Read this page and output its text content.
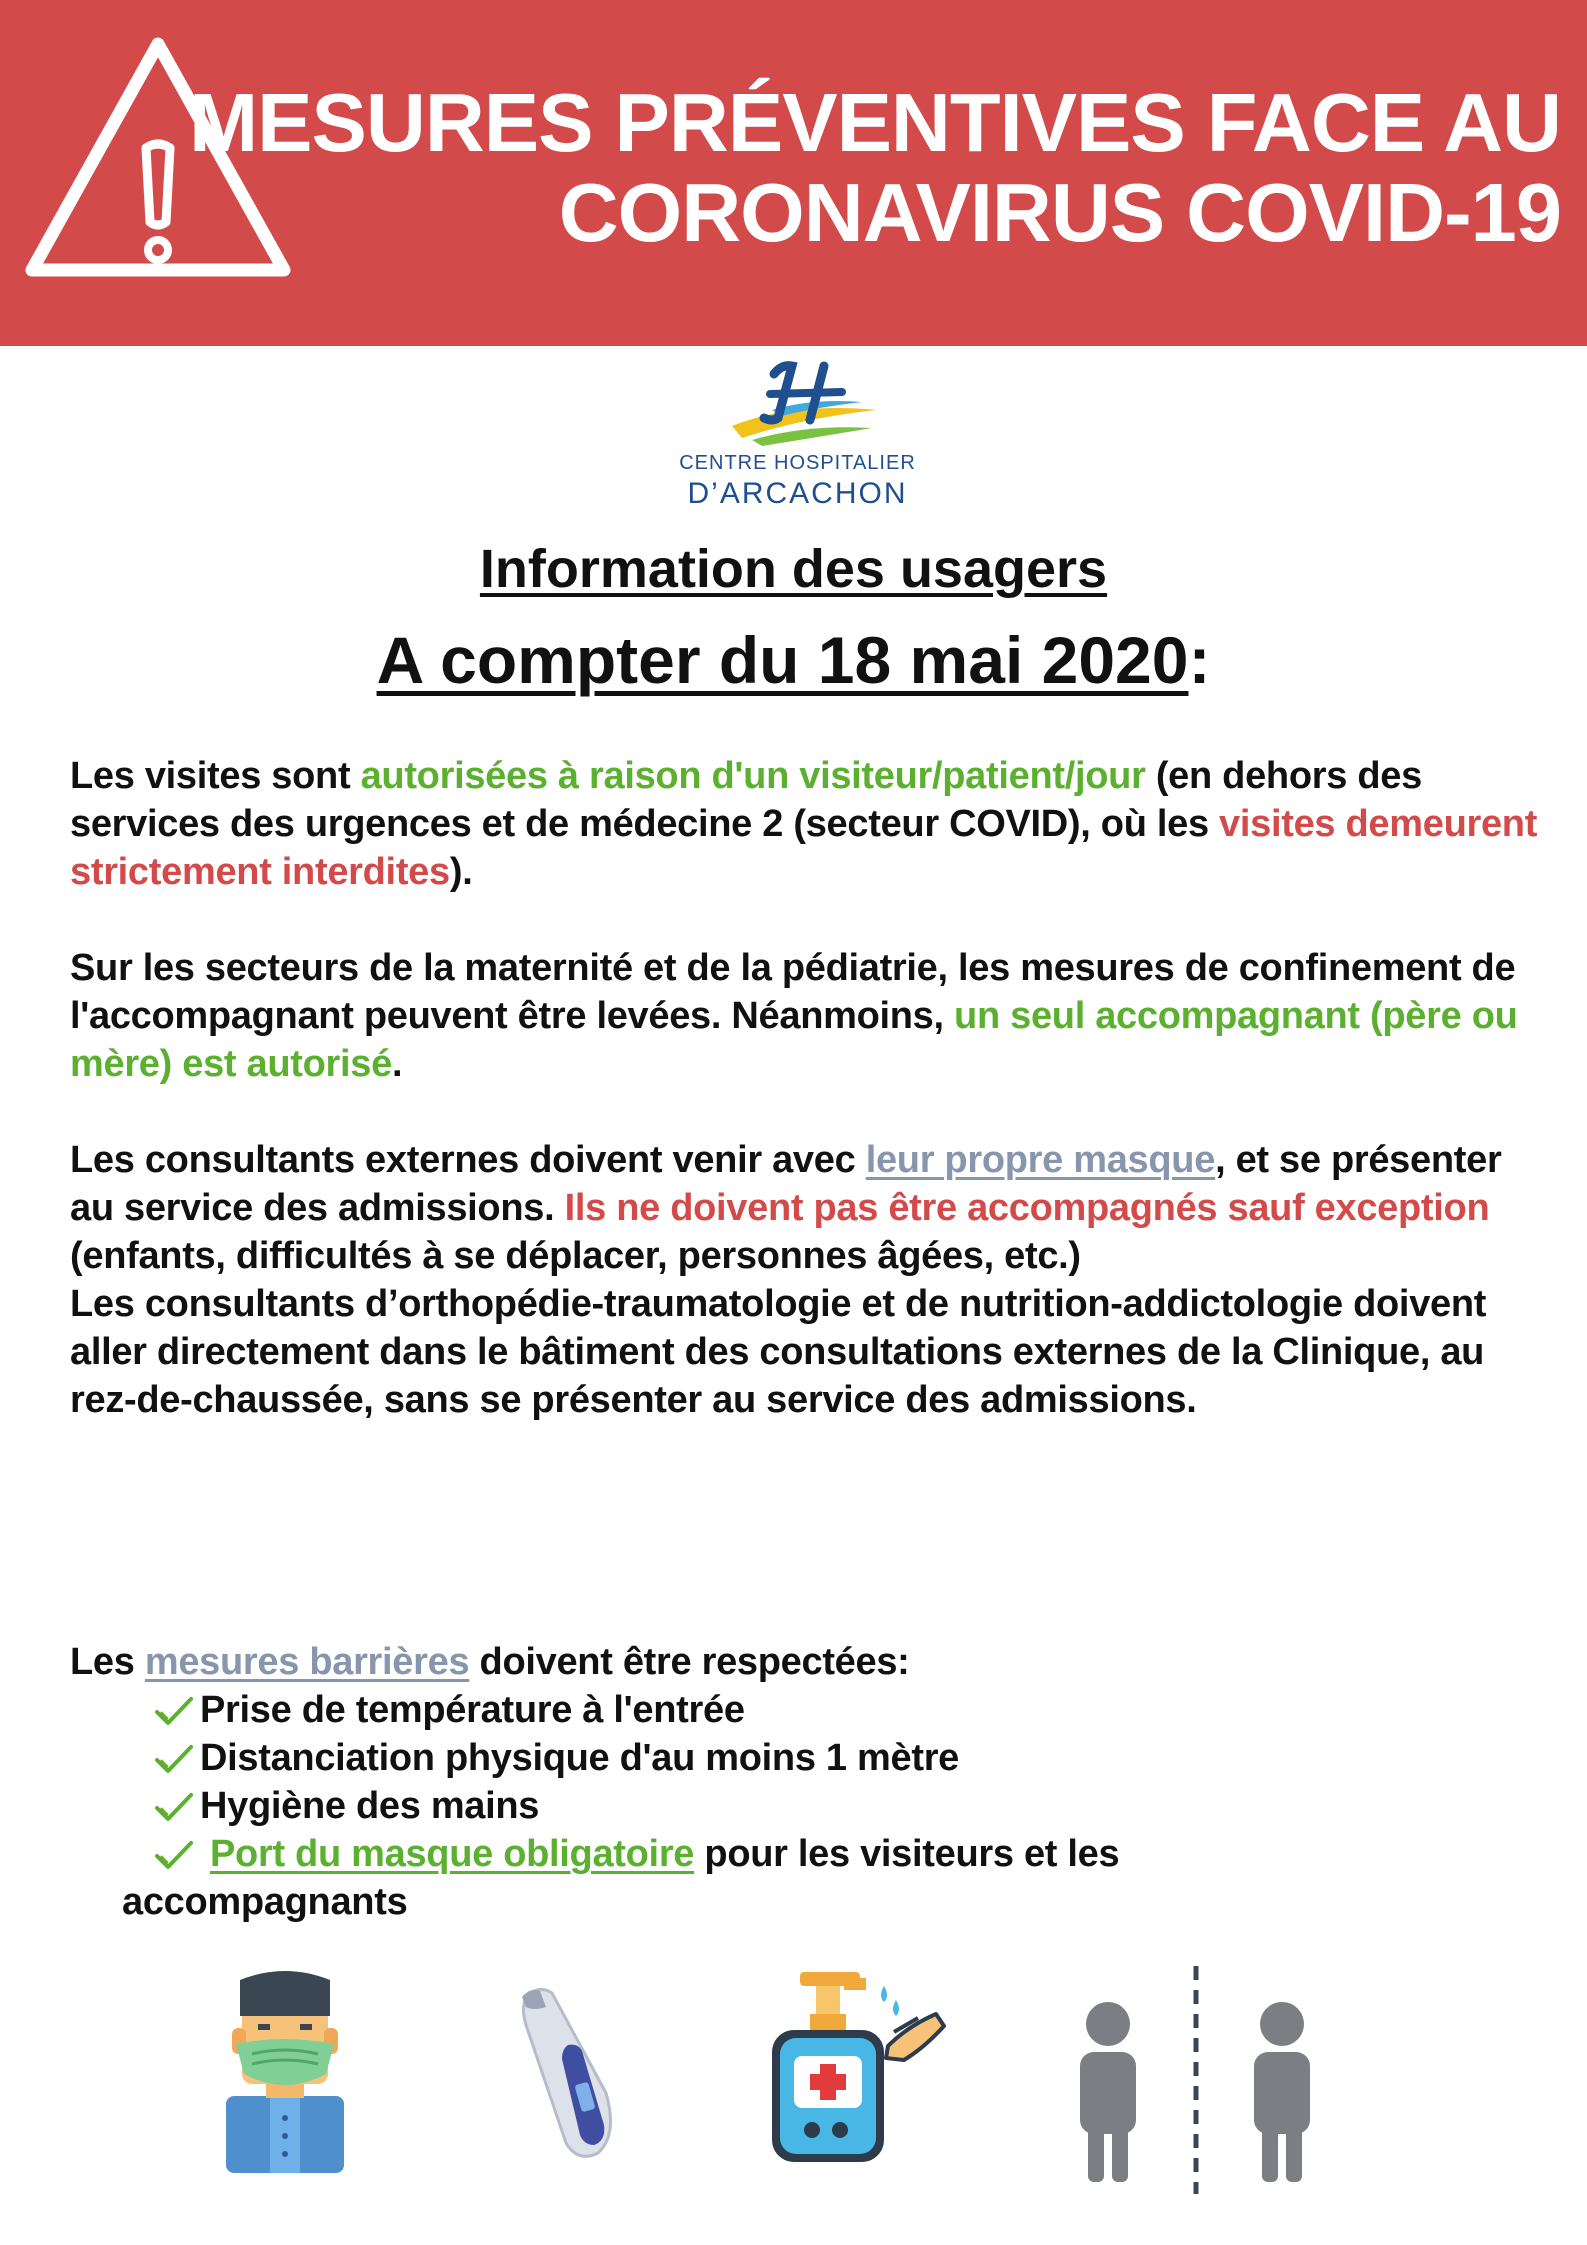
MESURES PRÉVENTIVES FACE AU
CORONAVIRUS COVID-19
CENTRE HOSPITALIER
D’ARCACHON
Information des usagers
A compter du 18 mai 2020:
Les visites sont autorisées à raison d'un visiteur/patient/jour (en dehors des services des urgences et de médecine 2 (secteur COVID), où les visites demeurent strictement interdites).
Sur les secteurs de la maternité et de la pédiatrie, les mesures de confinement de l'accompagnant peuvent être levées. Néanmoins, un seul accompagnant (père ou mère) est autorisé.
Les consultants externes doivent venir avec leur propre masque, et se présenter au service des admissions. Ils ne doivent pas être accompagnés sauf exception (enfants, difficultés à se déplacer, personnes âgées, etc.)
Les consultants d’orthopédie-traumatologie et de nutrition-addictologie doivent aller directement dans le bâtiment des consultations externes de la Clinique, au rez-de-chaussée, sans se présenter au service des admissions.
Les mesures barrières doivent être respectées:
Prise de température à l'entrée
Distanciation physique d'au moins 1 mètre
Hygiène des mains
Port du masque obligatoire pour les visiteurs et les
accompagnants
